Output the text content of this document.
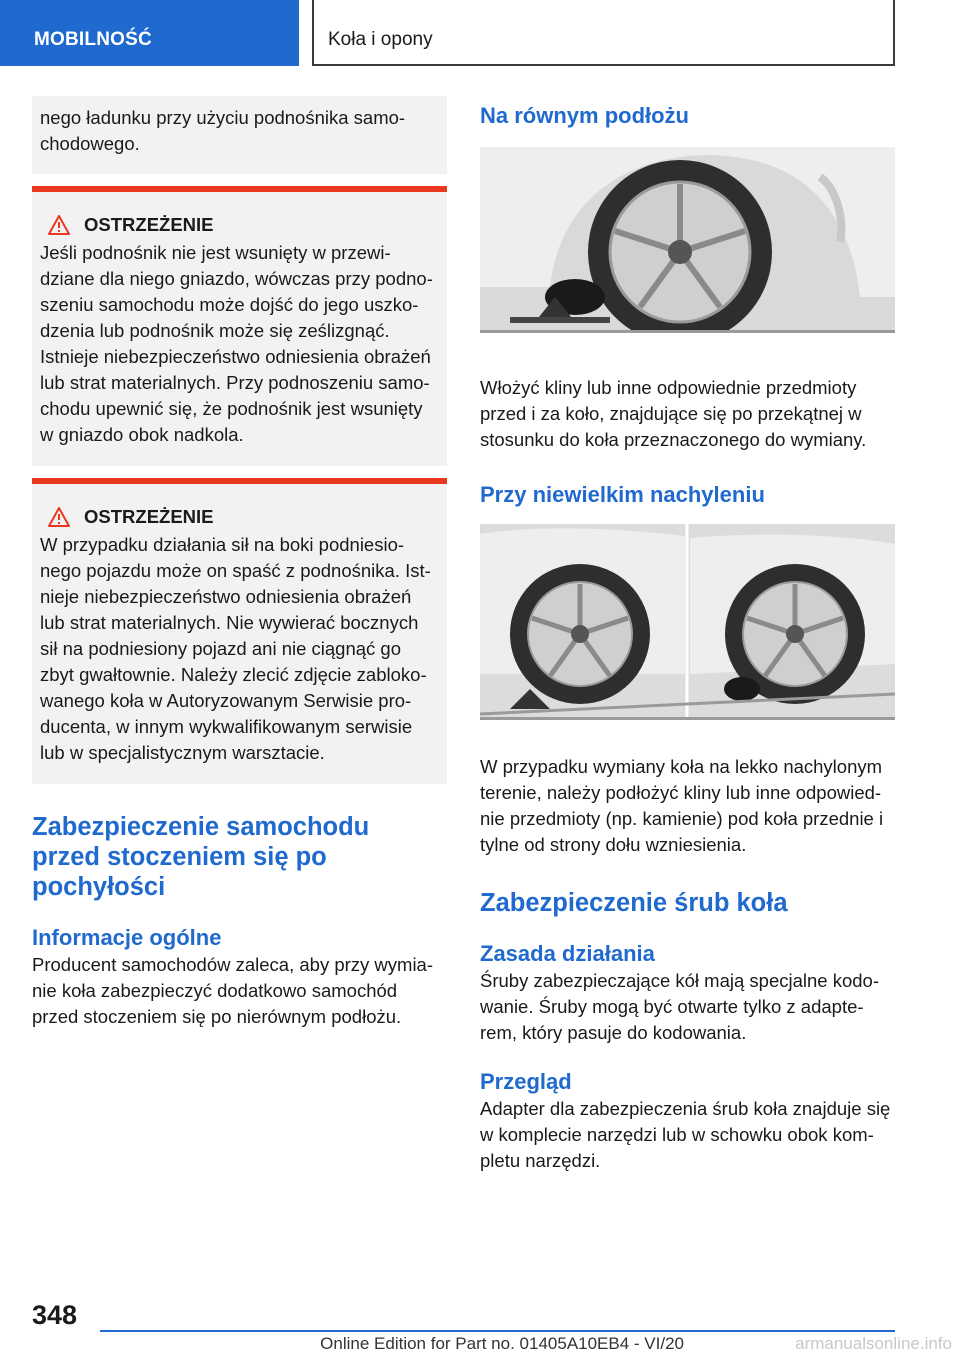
MOBILNOŚĆ	Koła i opony
nego ładunku przy użyciu podnośnika samo-
chodowego.
OSTRZEŻENIE
Jeśli podnośnik nie jest wsunięty w przewi-
dziane dla niego gniazdo, wówczas przy podno-
szeniu samochodu może dojść do jego uszko-
dzenia lub podnośnik może się ześlizgnąć.
Istnieje niebezpieczeństwo odniesienia obrażeń
lub strat materialnych. Przy podnoszeniu samo-
chodu upewnić się, że podnośnik jest wsunięty
w gniazdo obok nadkola.
OSTRZEŻENIE
W przypadku działania sił na boki podniesio-
nego pojazdu może on spaść z podnośnika. Ist-
nieje niebezpieczeństwo odniesienia obrażeń
lub strat materialnych. Nie wywierać bocznych
sił na podniesiony pojazd ani nie ciągnąć go
zbyt gwałtownie. Należy zlecić zdjęcie zabloko-
wanego koła w Autoryzowanym Serwisie pro-
ducenta, w innym wykwalifikowanym serwisie
lub w specjalistycznym warsztacie.
Zabezpieczenie samochodu
przed stoczeniem się po
pochyłości
Informacje ogólne

Producent samochodów zaleca, aby przy wymia-
nie koła zabezpieczyć dodatkowo samochód
przed stoczeniem się po nierównym podłożu.

Na równym podłożu

Włożyć kliny lub inne odpowiednie przedmioty
przed i za koło, znajdujące się po przekątnej w
stosunku do koła przeznaczonego do wymiany.

Przy niewielkim nachyleniu

W przypadku wymiany koła na lekko nachylonym
terenie, należy podłożyć kliny lub inne odpowied-
nie przedmioty (np. kamienie) pod koła przednie i
tylne od strony dołu wzniesienia.

Zabezpieczenie śrub koła
Zasada działania

Śruby zabezpieczające kół mają specjalne kodo-
wanie. Śruby mogą być otwarte tylko z adapte-
rem, który pasuje do kodowania.

Przegląd

Adapter dla zabezpieczenia śrub koła znajduje się
w komplecie narzędzi lub w schowku obok kom-
pletu narzędzi.

348
Online Edition for Part no. 01405A10EB4 - VI/20	armanualsonline.info
